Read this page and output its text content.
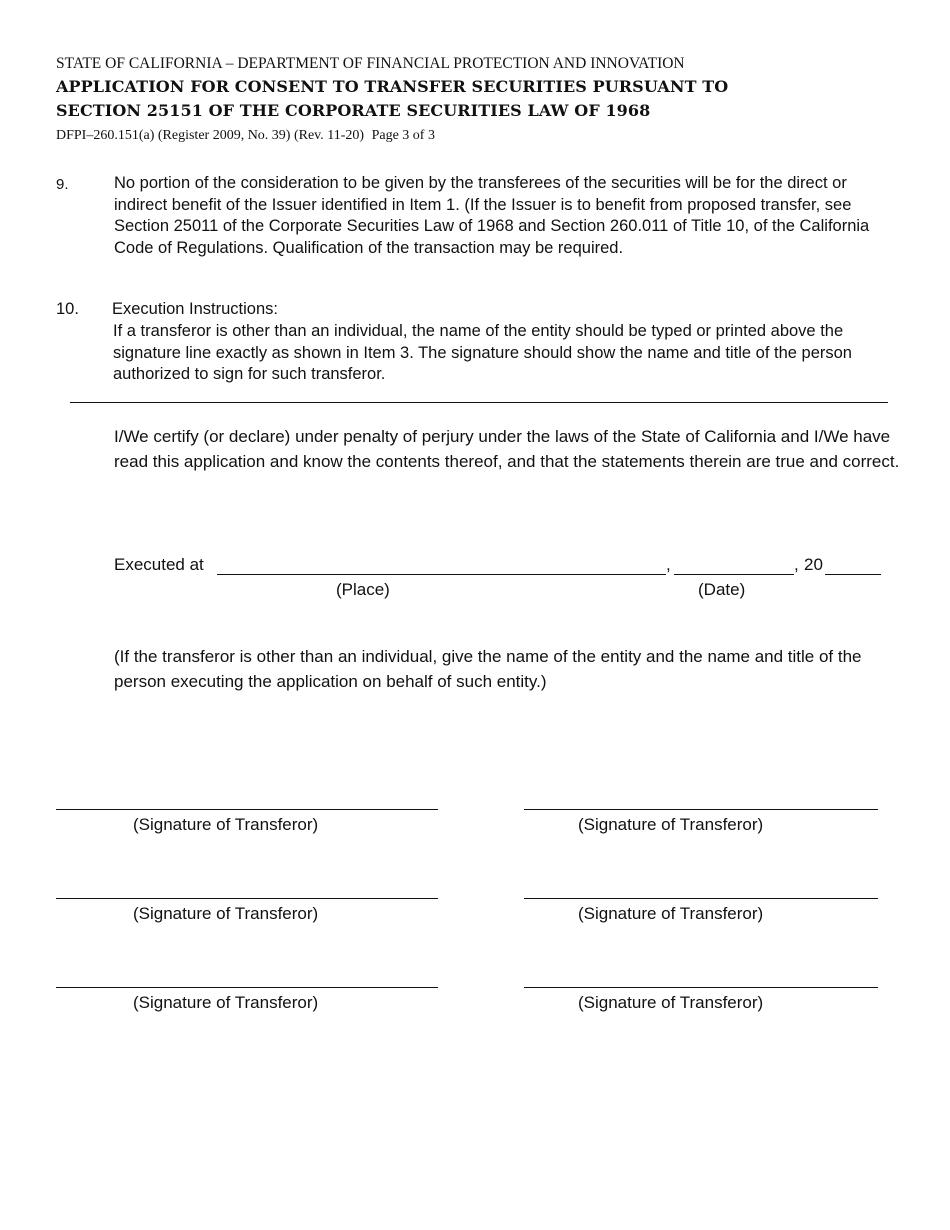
STATE OF CALIFORNIA – DEPARTMENT OF FINANCIAL PROTECTION AND INNOVATION
APPLICATION FOR CONSENT TO TRANSFER SECURITIES PURSUANT TO
SECTION 25151 OF THE CORPORATE SECURITIES LAW OF 1968
DFPI–260.151(a) (Register 2009, No. 39) (Rev. 11-20) Page 3 of 3
9.	No portion of the consideration to be given by the transferees of the securities will be for the direct or indirect benefit of the Issuer identified in Item 1. (If the Issuer is to benefit from proposed transfer, see Section 25011 of the Corporate Securities Law of 1968 and Section 260.011 of Title 10, of the California Code of Regulations. Qualification of the transaction may be required.
10. Execution Instructions:
If a transferor is other than an individual, the name of the entity should be typed or printed above the signature line exactly as shown in Item 3. The signature should show the name and title of the person authorized to sign for such transferor.
I/We certify (or declare) under penalty of perjury under the laws of the State of California and I/We have read this application and know the contents thereof, and that the statements therein are true and correct.
Executed at	,	, 20
(Place)	(Date)
(If the transferor is other than an individual, give the name of the entity and the name and title of the person executing the application on behalf of such entity.)
(Signature of Transferor)	(Signature of Transferor)
(Signature of Transferor)	(Signature of Transferor)
(Signature of Transferor)	(Signature of Transferor)
